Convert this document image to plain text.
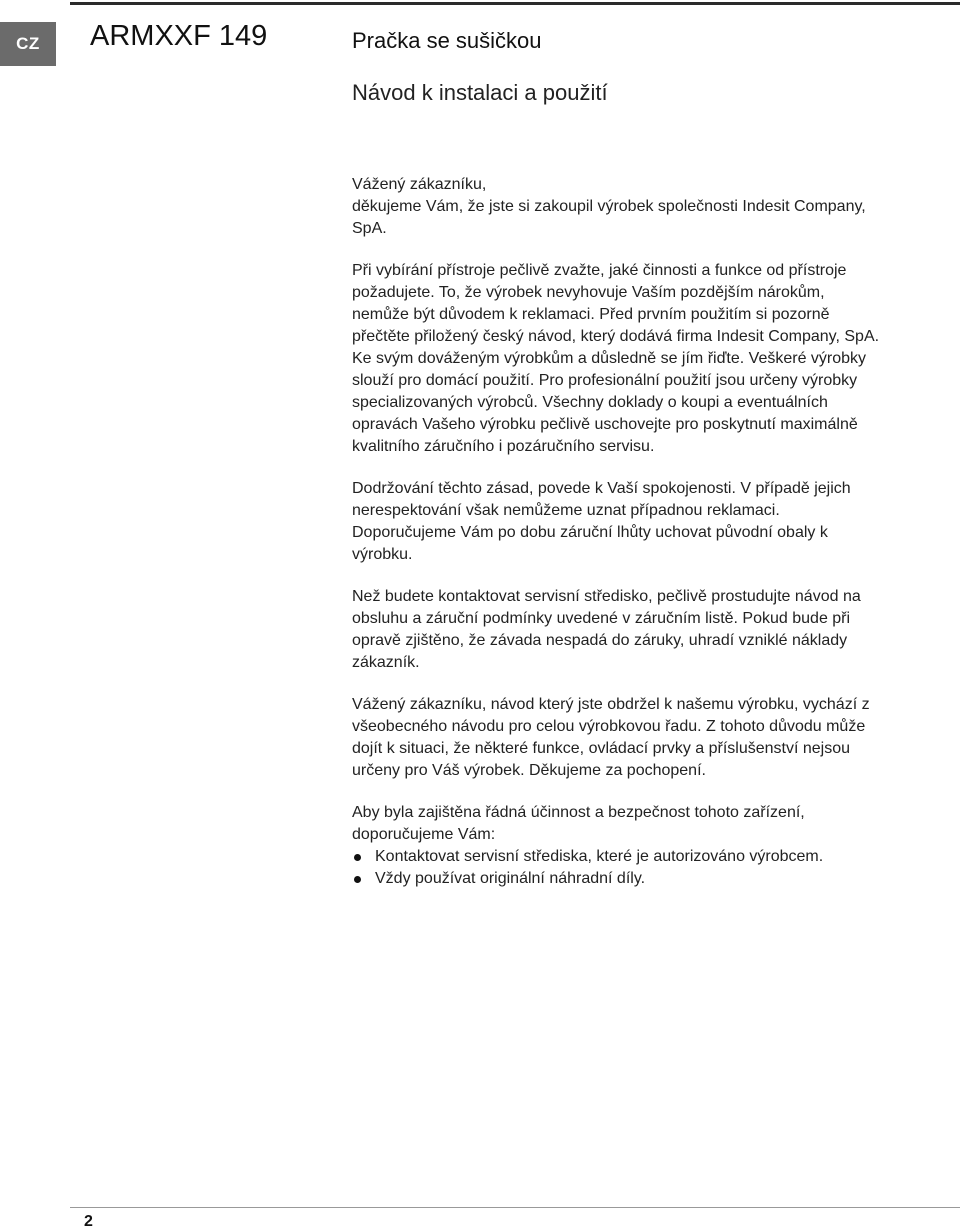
CZ	ARMXXF 149	Pračka se sušičkou
Návod k instalaci a použití

Vážený zákazníku,

děkujeme Vám, že jste si zakoupil výrobek společnosti Indesit Company, SpA.

Při vybírání přístroje pečlivě zvažte, jaké činnosti a funkce od přístroje požadujete. To, že výrobek nevyhovuje Vaším pozdějším nárokům, nemůže být důvodem k reklamaci. Před prvním použitím si pozorně přečtěte přiložený český návod, který dodává firma Indesit Company, SpA. Ke svým dováženým výrobkům a důsledně se jím řiďte. Veškeré výrobky slouží pro domácí použití. Pro profesionální použití jsou určeny výrobky specializovaných výrobců. Všechny doklady o koupi a eventuálních opravách Vašeho výrobku pečlivě uschovejte pro poskytnutí maximálně kvalitního záručního i pozáručního servisu.

Dodržování těchto zásad, povede k Vaší spokojenosti. V případě jejich nerespektování však nemůžeme uznat případnou reklamaci. Doporučujeme Vám po dobu záruční lhůty uchovat původní obaly k výrobku.

Než budete kontaktovat servisní středisko, pečlivě prostudujte návod na obsluhu a záruční podmínky uvedené v záručním listě. Pokud bude při opravě zjištěno, že závada nespadá do záruky, uhradí vzniklé náklady zákazník.

Vážený zákazníku, návod který jste obdržel k našemu výrobku, vychází z všeobecného návodu pro celou výrobkovou řadu. Z tohoto důvodu může dojít k situaci, že některé funkce, ovládací prvky a příslušenství nejsou určeny pro Váš výrobek. Děkujeme za pochopení.

Aby byla zajištěna řádná účinnost a bezpečnost tohoto zařízení, doporučujeme Vám:

Kontaktovat servisní střediska, které je autorizováno výrobcem.
Vždy používat originální náhradní díly.
2
